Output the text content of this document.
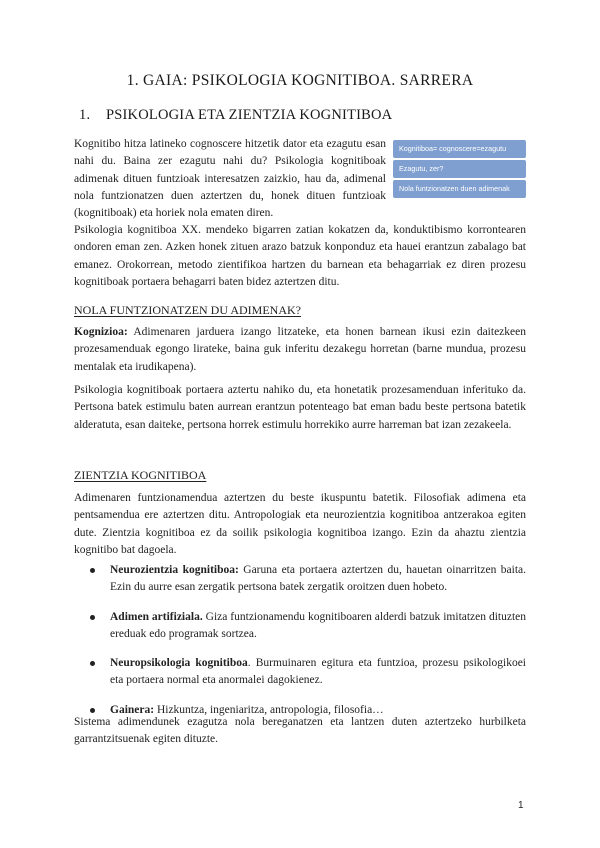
1. GAIA: PSIKOLOGIA KOGNITIBOA. SARRERA
1. PSIKOLOGIA ETA ZIENTZIA KOGNITIBOA

Kognitibo hitza latineko cognoscere hitzetik dator eta ezagutu esan nahi du. Baina zer ezagutu nahi du? Psikologia kognitiboak adimenak dituen funtzioak interesatzen zaizkio, hau da, adimenal nola funtzionatzen duen aztertzen du, honek dituen funtzioak (kognitiboak) eta horiek nola ematen diren.

Kognitiboa= cognoscere=ezagutu
Ezagutu, zer?
Nola funtzionatzen duen adimenak

Psikologia kognitiboa XX. mendeko bigarren zatian kokatzen da, konduktibismo korrontearen ondoren eman zen. Azken honek zituen arazo batzuk konponduz eta hauei erantzun zabalago bat emanez. Orokorrean, metodo zientifikoa hartzen du barnean eta behagarriak ez diren prozesu kognitiboak portaera behagarri baten bidez aztertzen ditu.

NOLA FUNTZIONATZEN DU ADIMENAK?

Kognizioa: Adimenaren jarduera izango litzateke, eta honen barnean ikusi ezin daitezkeen prozesamenduak egongo lirateke, baina guk inferitu dezakegu horretan (barne mundua, prozesu mentalak eta irudikapena).

Psikologia kognitiboak portaera aztertu nahiko du, eta honetatik prozesamenduan inferituko da. Pertsona batek estimulu baten aurrean erantzun potenteago bat eman badu beste pertsona batetik alderatuta, esan daiteke, pertsona horrek estimulu horrekiko aurre harreman bat izan zezakeela.

ZIENTZIA KOGNITIBOA

Adimenaren funtzionamendua aztertzen du beste ikuspuntu batetik. Filosofiak adimena eta pentsamendua ere aztertzen ditu. Antropologiak eta neurozientzia kognitiboa antzerakoa egiten dute. Zientzia kognitiboa ez da soilik psikologia kognitiboa izango. Ezin da ahaztu zientzia kognitibo bat dagoela.

Neurozientzia kognitiboa: Garuna eta portaera aztertzen du, hauetan oinarritzen baita. Ezin du aurre esan zergatik pertsona batek zergatik oroitzen duen hobeto.
Adimen artifiziala. Giza funtzionamendu kognitiboaren alderdi batzuk imitatzen dituzten ereduak edo programak sortzea.
Neuropsikologia kognitiboa. Burmuinaren egitura eta funtzioa, prozesu psikologikoei eta portaera normal eta anormalei dagokienez.
Gainera: Hizkuntza, ingeniaritza, antropologia, filosofia…

Sistema adimendunek ezagutza nola bereganatzen eta lantzen duten aztertzeko hurbilketa garrantzitsuenak egiten dituzte.

1
